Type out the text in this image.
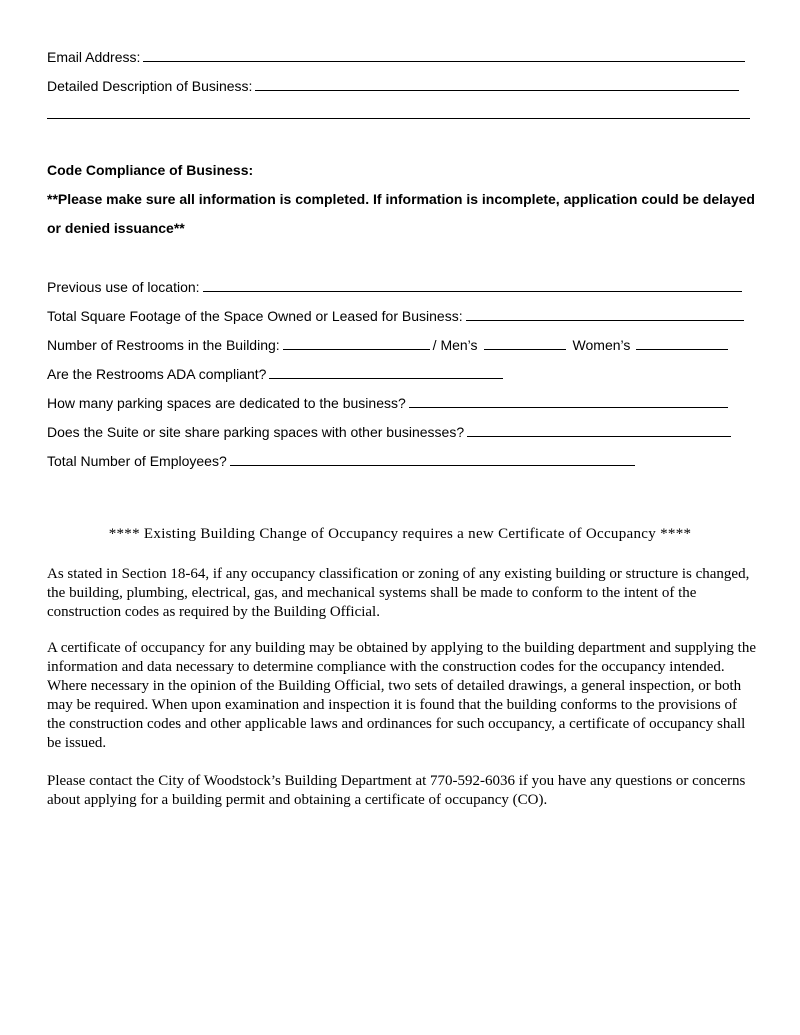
Email Address:
Detailed Description of Business:
Code Compliance of Business:
**Please make sure all information is completed. If information is incomplete, application could be delayed
or denied issuance**
Previous use of location:
Total Square Footage of the Space Owned or Leased for Business:
Number of Restrooms in the Building:	/ Men’s	Women’s
Are the Restrooms ADA compliant?
How many parking spaces are dedicated to the business?
Does the Suite or site share parking spaces with other businesses?
Total Number of Employees?
**** Existing Building Change of Occupancy requires a new Certificate of Occupancy ****

As stated in Section 18-64, if any occupancy classification or zoning of any existing building or structure is changed, the building, plumbing, electrical, gas, and mechanical systems shall be made to conform to the intent of the construction codes as required by the Building Official.

A certificate of occupancy for any building may be obtained by applying to the building department and supplying the information and data necessary to determine compliance with the construction codes for the occupancy intended. Where necessary in the opinion of the Building Official, two sets of detailed drawings, a general inspection, or both may be required. When upon examination and inspection it is found that the building conforms to the provisions of the construction codes and other applicable laws and ordinances for such occupancy, a certificate of occupancy shall be issued.

Please contact the City of Woodstock’s Building Department at 770-592-6036 if you have any questions or concerns about applying for a building permit and obtaining a certificate of occupancy (CO).
